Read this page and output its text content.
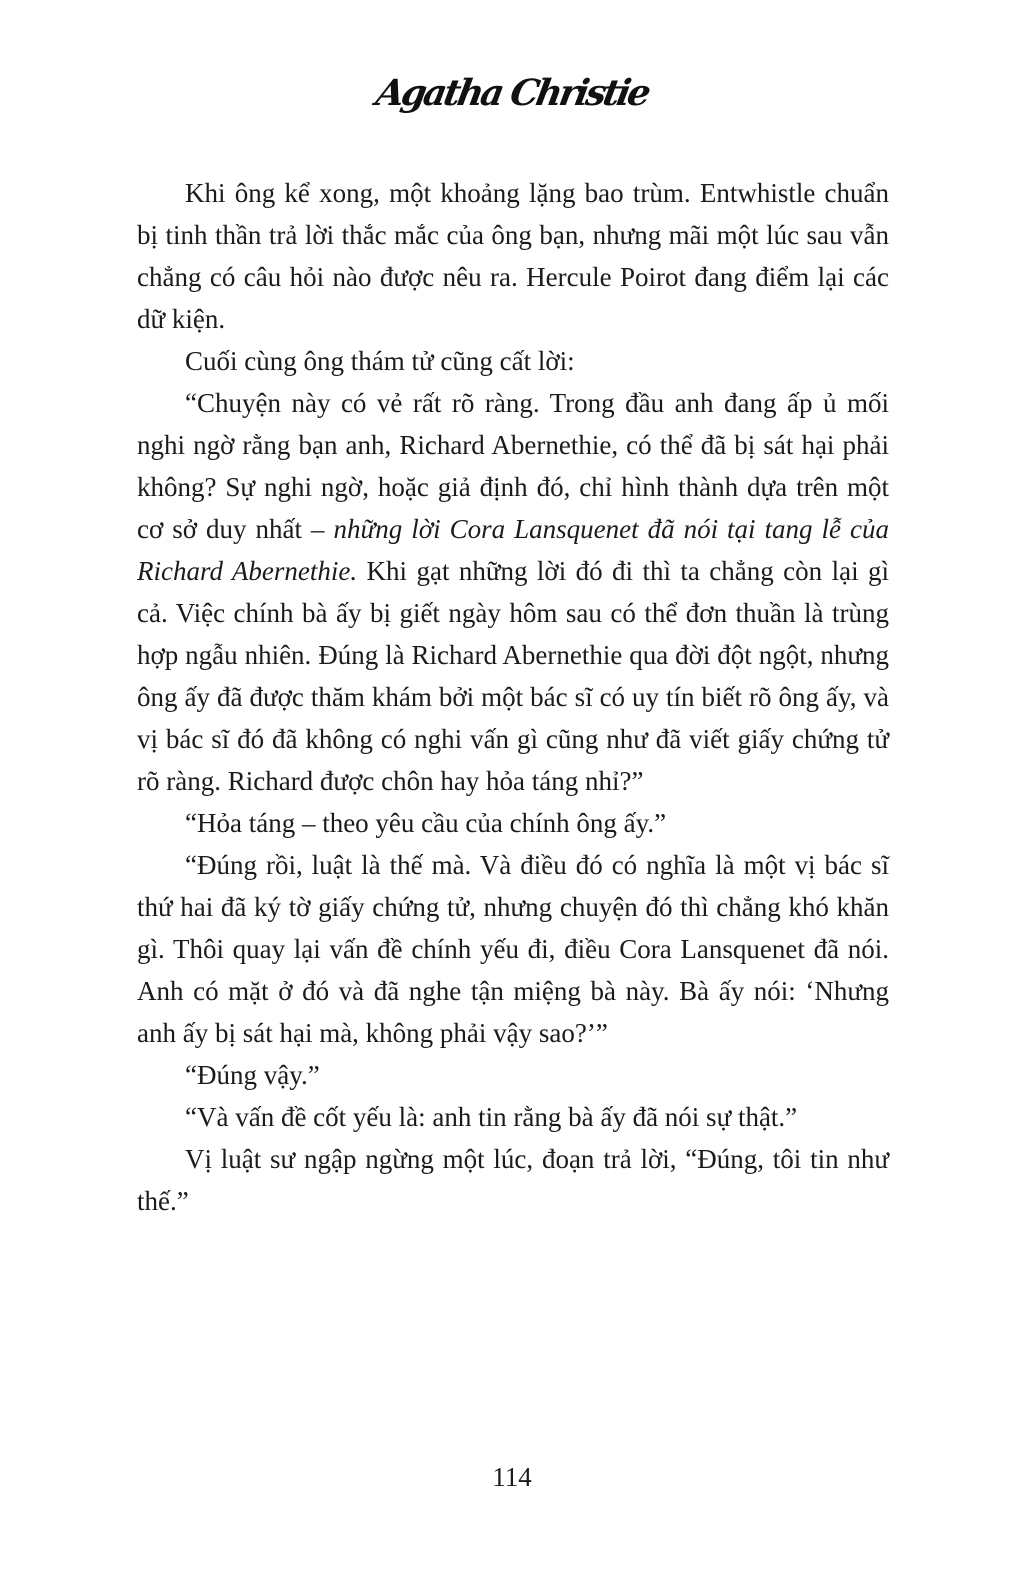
Agatha Christie

Khi ông kể xong, một khoảng lặng bao trùm. Entwhistle chuẩn bị tinh thần trả lời thắc mắc của ông bạn, nhưng mãi một lúc sau vẫn chẳng có câu hỏi nào được nêu ra. Hercule Poirot đang điểm lại các dữ kiện.

Cuối cùng ông thám tử cũng cất lời:

“Chuyện này có vẻ rất rõ ràng. Trong đầu anh đang ấp ủ mối nghi ngờ rằng bạn anh, Richard Abernethie, có thể đã bị sát hại phải không? Sự nghi ngờ, hoặc giả định đó, chỉ hình thành dựa trên một cơ sở duy nhất – những lời Cora Lansquenet đã nói tại tang lễ của Richard Abernethie. Khi gạt những lời đó đi thì ta chẳng còn lại gì cả. Việc chính bà ấy bị giết ngày hôm sau có thể đơn thuần là trùng hợp ngẫu nhiên. Đúng là Richard Abernethie qua đời đột ngột, nhưng ông ấy đã được thăm khám bởi một bác sĩ có uy tín biết rõ ông ấy, và vị bác sĩ đó đã không có nghi vấn gì cũng như đã viết giấy chứng tử rõ ràng. Richard được chôn hay hỏa táng nhỉ?”

“Hỏa táng – theo yêu cầu của chính ông ấy.”

“Đúng rồi, luật là thế mà. Và điều đó có nghĩa là một vị bác sĩ thứ hai đã ký tờ giấy chứng tử, nhưng chuyện đó thì chẳng khó khăn gì. Thôi quay lại vấn đề chính yếu đi, điều Cora Lansquenet đã nói. Anh có mặt ở đó và đã nghe tận miệng bà này. Bà ấy nói: ‘Nhưng anh ấy bị sát hại mà, không phải vậy sao?’”

“Đúng vậy.”

“Và vấn đề cốt yếu là: anh tin rằng bà ấy đã nói sự thật.”

Vị luật sư ngập ngừng một lúc, đoạn trả lời, “Đúng, tôi tin như thế.”

114
